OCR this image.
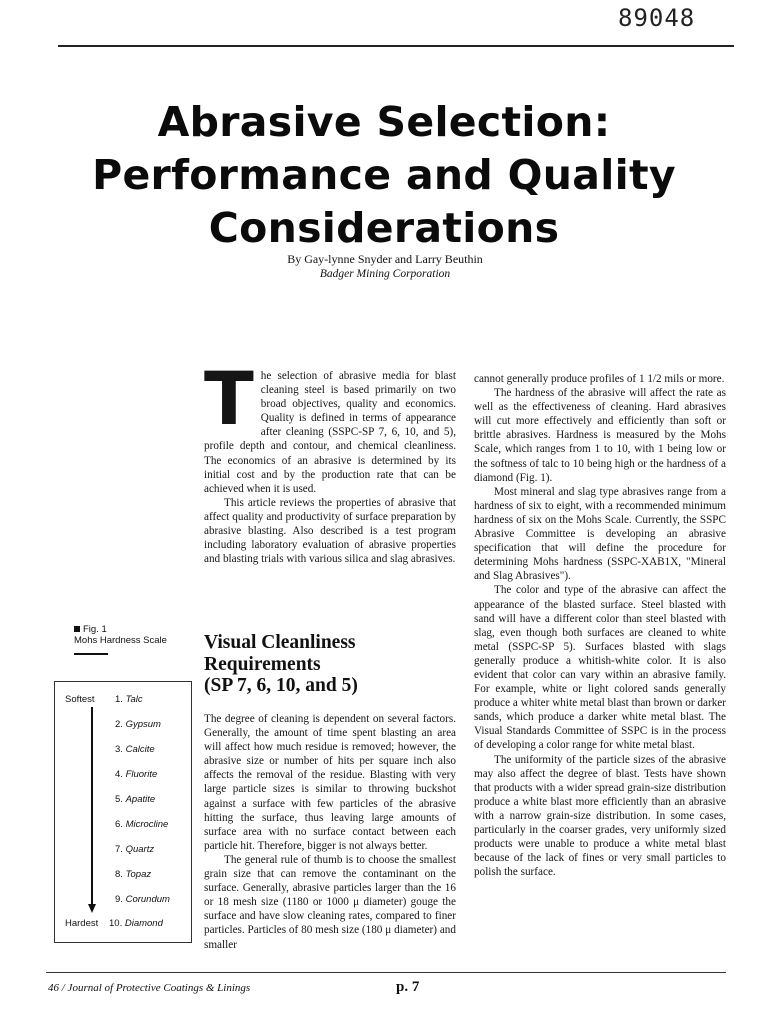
89048
Abrasive Selection:
Performance and Quality
Considerations
By Gay-lynne Snyder and Larry Beuthin
Badger Mining Corporation

The selection of abrasive media for blast cleaning steel is based primarily on two broad objectives, quality and economics. Quality is defined in terms of appearance after cleaning (SSPC-SP 7, 6, 10, and 5), profile depth and contour, and chemical cleanliness. The economics of an abrasive is determined by its initial cost and by the production rate that can be achieved when it is used.

This article reviews the properties of abrasive that affect quality and productivity of surface preparation by abrasive blasting. Also described is a test program including laboratory evaluation of abrasive properties and blasting trials with various silica and slag abrasives.

Fig. 1
Mohs Hardness Scale
Softest
Hardest
1. Talc
2. Gypsum
3. Calcite
4. Fluorite
5. Apatite
6. Microcline
7. Quartz
8. Topaz
9. Corundum
10. Diamond
Visual Cleanliness
Requirements
(SP 7, 6, 10, and 5)

The degree of cleaning is dependent on several factors. Generally, the amount of time spent blasting an area will affect how much residue is removed; however, the abrasive size or number of hits per square inch also affects the removal of the residue. Blasting with very large particle sizes is similar to throwing buckshot against a surface with few particles of the abrasive hitting the surface, thus leaving large amounts of surface area with no surface contact between each particle hit. Therefore, bigger is not always better.

The general rule of thumb is to choose the smallest grain size that can remove the contaminant on the surface. Generally, abrasive particles larger than the 16 or 18 mesh size (1180 or 1000 μ diameter) gouge the surface and have slow cleaning rates, compared to finer particles. Particles of 80 mesh size (180 μ diameter) and smaller

cannot generally produce profiles of 1 1/2 mils or more.

The hardness of the abrasive will affect the rate as well as the effectiveness of cleaning. Hard abrasives will cut more effectively and efficiently than soft or brittle abrasives. Hardness is measured by the Mohs Scale, which ranges from 1 to 10, with 1 being low or the softness of talc to 10 being high or the hardness of a diamond (Fig. 1).

Most mineral and slag type abrasives range from a hardness of six to eight, with a recommended minimum hardness of six on the Mohs Scale. Currently, the SSPC Abrasive Committee is developing an abrasive specification that will define the procedure for determining Mohs hardness (SSPC-XAB1X, "Mineral and Slag Abrasives").

The color and type of the abrasive can affect the appearance of the blasted surface. Steel blasted with sand will have a different color than steel blasted with slag, even though both surfaces are cleaned to white metal (SSPC-SP 5). Surfaces blasted with slags generally produce a whitish-white color. It is also evident that color can vary within an abrasive family. For example, white or light colored sands generally produce a whiter white metal blast than brown or darker sands, which produce a darker white metal blast. The Visual Standards Committee of SSPC is in the process of developing a color range for white metal blast.

The uniformity of the particle sizes of the abrasive may also affect the degree of blast. Tests have shown that products with a wider spread grain-size distribution produce a white blast more efficiently than an abrasive with a narrow grain-size distribution. In some cases, particularly in the coarser grades, very uniformly sized products were unable to produce a white metal blast because of the lack of fines or very small particles to polish the surface.

46 / Journal of Protective Coatings & Linings	p. 7
